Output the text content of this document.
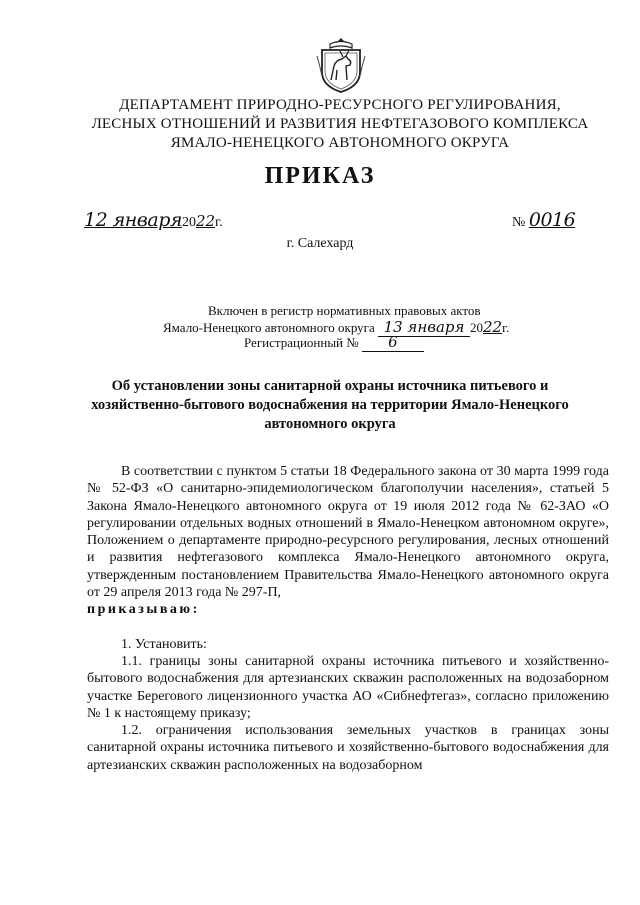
ДЕПАРТАМЕНТ ПРИРОДНО-РЕСУРСНОГО РЕГУЛИРОВАНИЯ,
ЛЕСНЫХ ОТНОШЕНИЙ И РАЗВИТИЯ НЕФТЕГАЗОВОГО КОМПЛЕКСА
ЯМАЛО-НЕНЕЦКОГО АВТОНОМНОГО ОКРУГА
ПРИКАЗ
12 января2022г.	№ 0016
г. Салехард
Включен в регистр нормативных правовых актов
Ямало-Ненецкого автономного округа 13 января 2022г.
Регистрационный № 6
Об установлении зоны санитарной охраны источника питьевого и хозяйственно-бытового водоснабжения на территории Ямало-Ненецкого автономного округа

В соответствии с пунктом 5 статьи 18 Федерального закона от 30 марта 1999 года № 52-ФЗ «О санитарно-эпидемиологическом благополучии населения», статьей 5 Закона Ямало-Ненецкого автономного округа от 19 июля 2012 года № 62-ЗАО «О регулировании отдельных водных отношений в Ямало-Ненецком автономном округе», Положением о департаменте природно-ресурсного регулирования, лесных отношений и развития нефтегазового комплекса Ямало-Ненецкого автономного округа, утвержденным постановлением Правительства Ямало-Ненецкого автономного округа от 29 апреля 2013 года № 297-П,
приказываю:

1. Установить:

1.1. границы зоны санитарной охраны источника питьевого и хозяйственно-бытового водоснабжения для артезианских скважин расположенных на водозаборном участке Берегового лицензионного участка АО «Сибнефтегаз», согласно приложению № 1 к настоящему приказу;

1.2. ограничения использования земельных участков в границах зоны санитарной охраны источника питьевого и хозяйственно-бытового водоснабжения для артезианских скважин расположенных на водозаборном
